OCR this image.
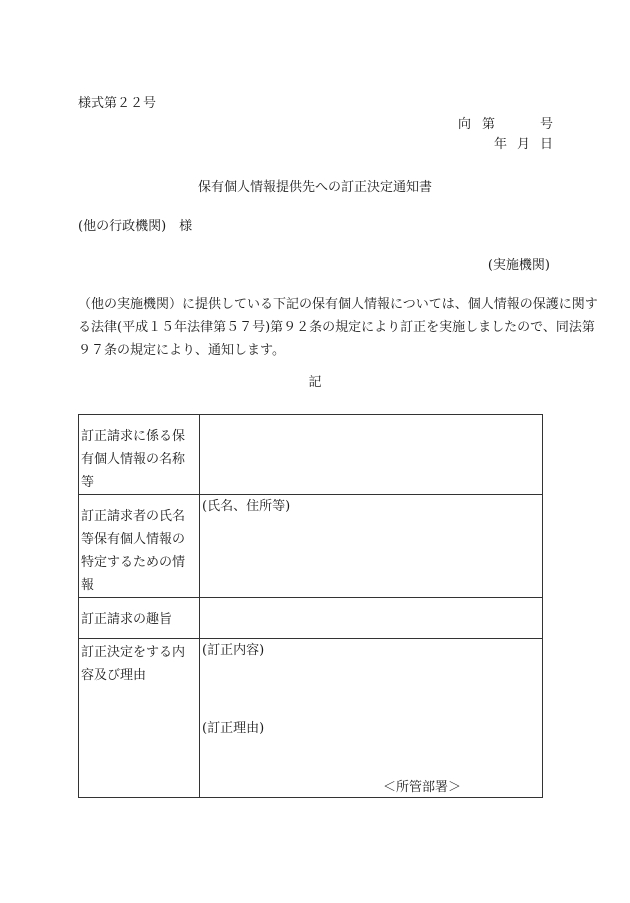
様式第２２号
向 第	号
年 月 日
保有個人情報提供先への訂正決定通知書
(他の行政機関)　様
(実施機関)
（他の実施機関）に提供している下記の保有個人情報については、個人情報の保護に関す
る法律(平成１５年法律第５７号)第９２条の規定により訂正を実施しましたので、同法第
９７条の規定により、通知します。
記
訂正請求に係る保有個人情報の名称等	
訂正請求者の氏名等保有個人情報の特定するための情報	(氏名、住所等)
訂正請求の趣旨	
訂正決定をする内容及び理由	(訂正内容)
(訂正理由)
＜所管部署＞
